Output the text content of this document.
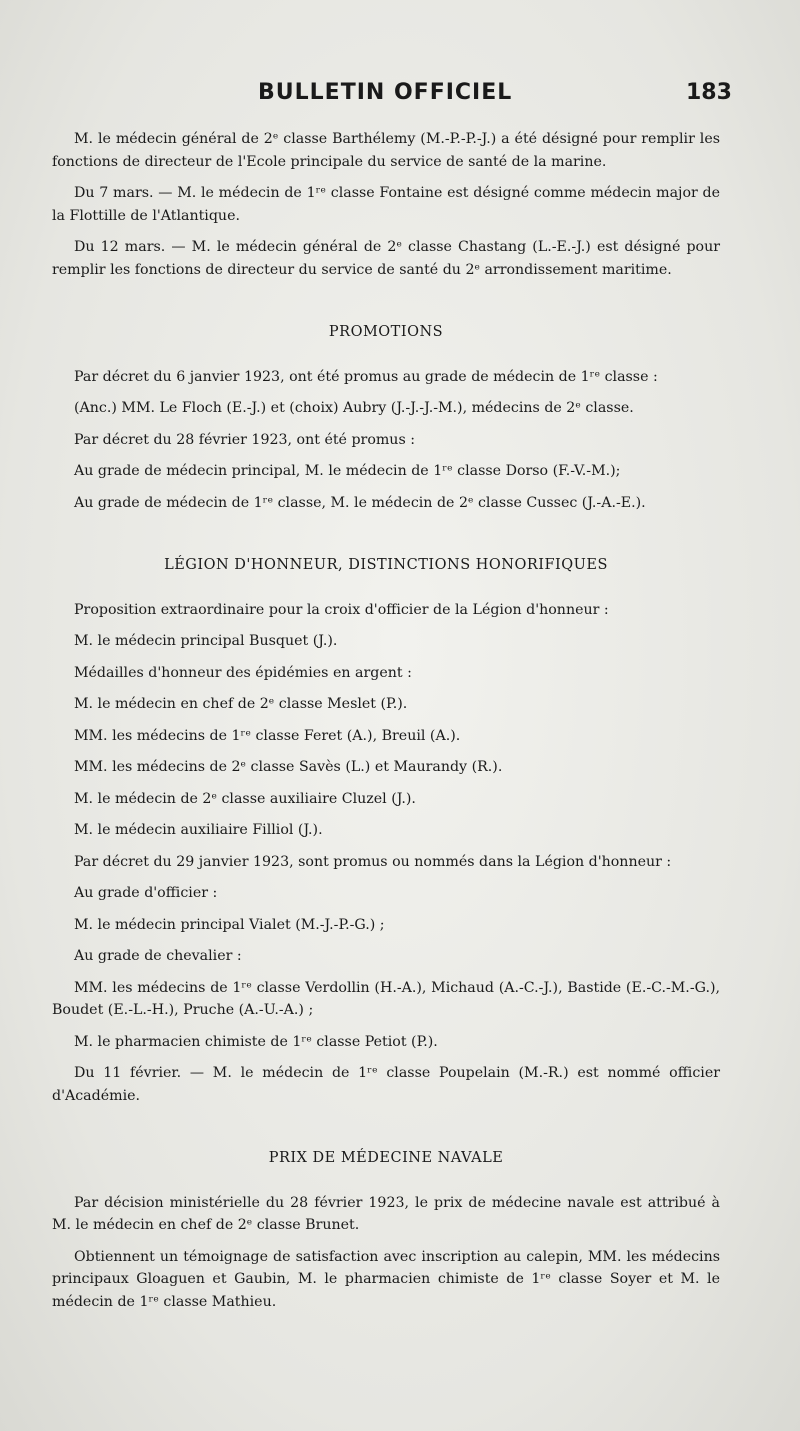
BULLETIN OFFICIEL	183

M. le médecin général de 2ᵉ classe Barthélemy (M.-P.-P.-J.) a été désigné pour remplir les fonctions de directeur de l'Ecole principale du service de santé de la marine.

Du 7 mars. — M. le médecin de 1ʳᵉ classe Fontaine est désigné comme médecin major de la Flottille de l'Atlantique.

Du 12 mars. — M. le médecin général de 2ᵉ classe Chastang (L.-E.-J.) est désigné pour remplir les fonctions de directeur du service de santé du 2ᵉ arrondissement maritime.

PROMOTIONS

Par décret du 6 janvier 1923, ont été promus au grade de médecin de 1ʳᵉ classe :

(Anc.) MM. Le Floch (E.-J.) et (choix) Aubry (J.-J.-J.-M.), médecins de 2ᵉ classe.

Par décret du 28 février 1923, ont été promus :

Au grade de médecin principal, M. le médecin de 1ʳᵉ classe Dorso (F.-V.-M.);

Au grade de médecin de 1ʳᵉ classe, M. le médecin de 2ᵉ classe Cussec (J.-A.-E.).

LÉGION D'HONNEUR, DISTINCTIONS HONORIFIQUES

Proposition extraordinaire pour la croix d'officier de la Légion d'honneur :

M. le médecin principal Busquet (J.).

Médailles d'honneur des épidémies en argent :

M. le médecin en chef de 2ᵉ classe Meslet (P.).

MM. les médecins de 1ʳᵉ classe Feret (A.), Breuil (A.).

MM. les médecins de 2ᵉ classe Savès (L.) et Maurandy (R.).

M. le médecin de 2ᵉ classe auxiliaire Cluzel (J.).

M. le médecin auxiliaire Filliol (J.).

Par décret du 29 janvier 1923, sont promus ou nommés dans la Légion d'honneur :

Au grade d'officier :

M. le médecin principal Vialet (M.-J.-P.-G.) ;

Au grade de chevalier :

MM. les médecins de 1ʳᵉ classe Verdollin (H.-A.), Michaud (A.-C.-J.), Bastide (E.-C.-M.-G.), Boudet (E.-L.-H.), Pruche (A.-U.-A.) ;

M. le pharmacien chimiste de 1ʳᵉ classe Petiot (P.).

Du 11 février. — M. le médecin de 1ʳᵉ classe Poupelain (M.-R.) est nommé officier d'Académie.

PRIX DE MÉDECINE NAVALE

Par décision ministérielle du 28 février 1923, le prix de médecine navale est attribué à M. le médecin en chef de 2ᵉ classe Brunet.

Obtiennent un témoignage de satisfaction avec inscription au calepin, MM. les médecins principaux Gloaguen et Gaubin, M. le pharmacien chimiste de 1ʳᵉ classe Soyer et M. le médecin de 1ʳᵉ classe Mathieu.
